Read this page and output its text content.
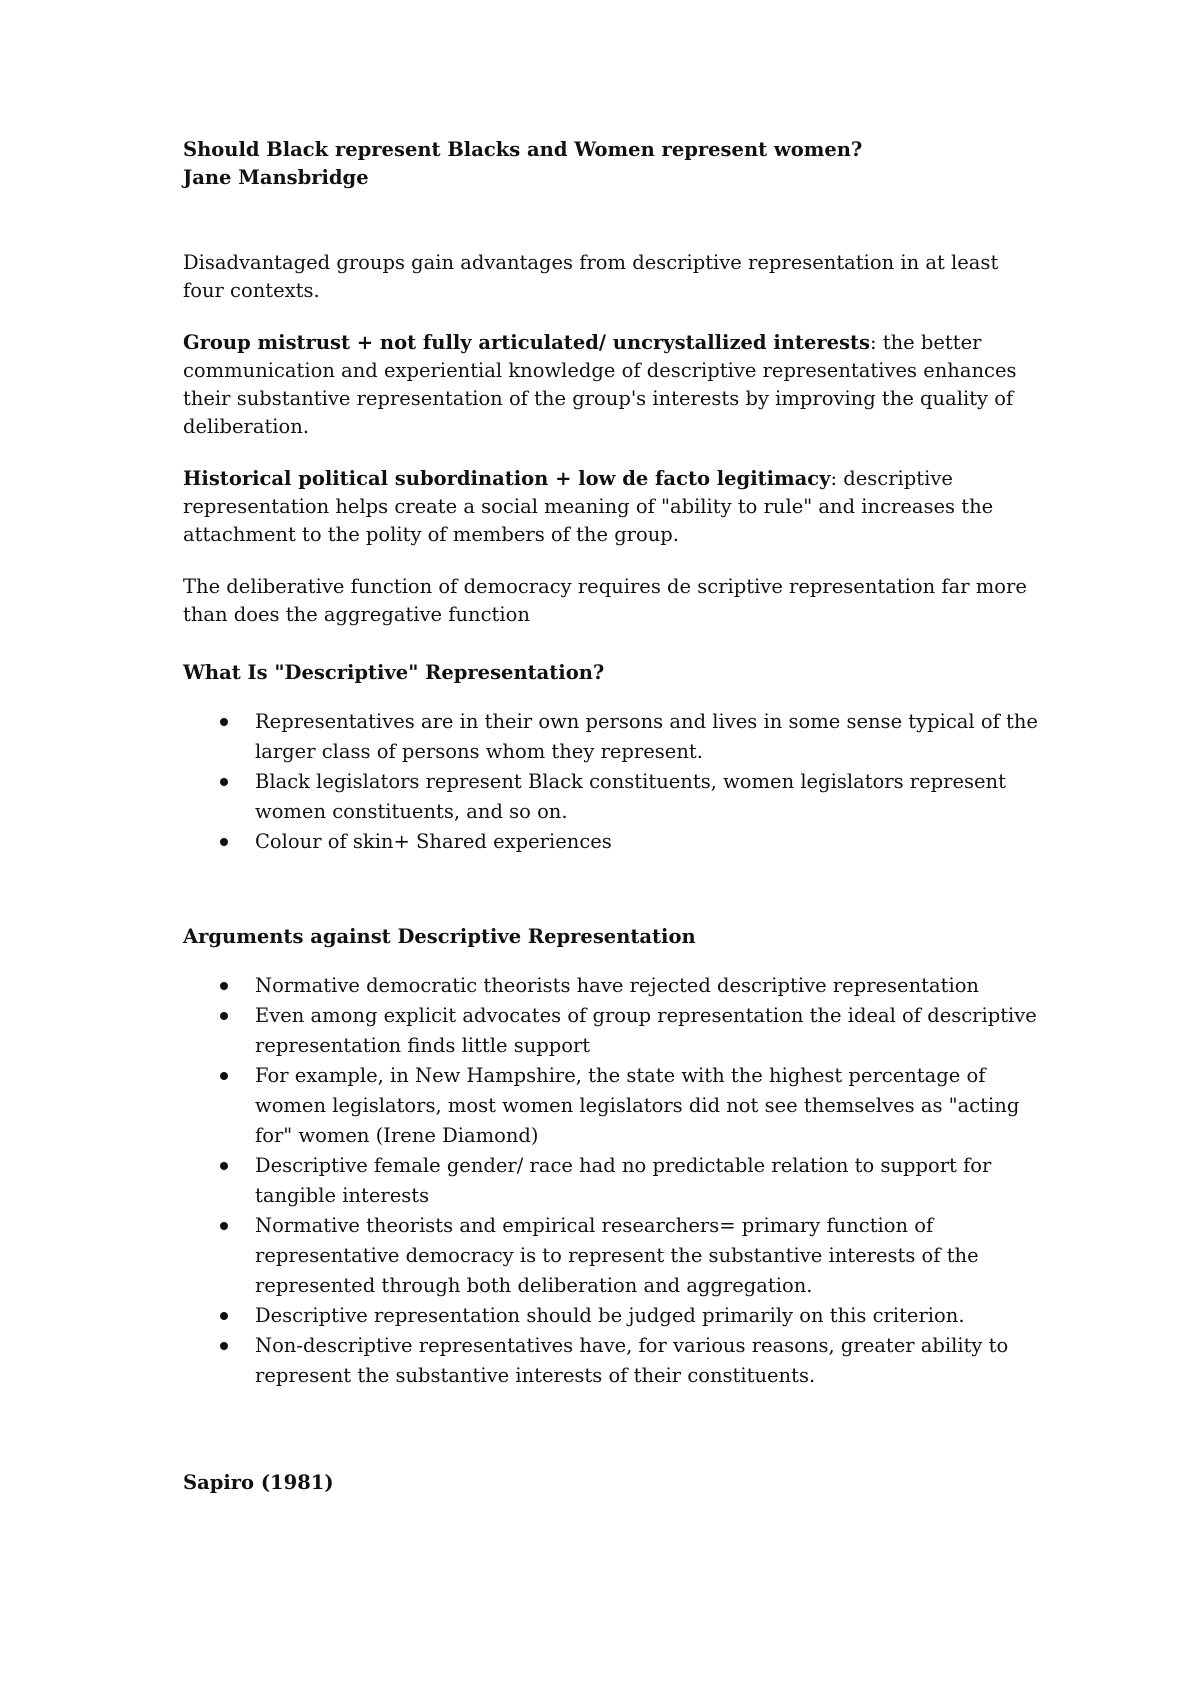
Should Black represent Blacks and Women represent women?
Jane Mansbridge

Disadvantaged groups gain advantages from descriptive representation in at least four contexts.

Group mistrust + not fully articulated/ uncrystallized interests: the better communication and experiential knowledge of descriptive representatives enhances their substantive representation of the group's interests by improving the quality of deliberation.

Historical political subordination + low de facto legitimacy: descriptive representation helps create a social meaning of "ability to rule" and increases the attachment to the polity of members of the group.

The deliberative function of democracy requires de scriptive representation far more than does the aggregative function

What Is "Descriptive" Representation?
Representatives are in their own persons and lives in some sense typical of the larger class of persons whom they represent.
Black legislators represent Black constituents, women legislators represent women constituents, and so on.
Colour of skin+ Shared experiences
Arguments against Descriptive Representation
Normative democratic theorists have rejected descriptive representation
Even among explicit advocates of group representation the ideal of descriptive representation finds little support
For example, in New Hampshire, the state with the highest percentage of women legislators, most women legislators did not see themselves as "acting for" women (Irene Diamond)
Descriptive female gender/ race had no predictable relation to support for tangible interests
Normative theorists and empirical researchers= primary function of representative democracy is to represent the substantive interests of the represented through both deliberation and aggregation.
Descriptive representation should be judged primarily on this criterion.
Non-descriptive representatives have, for various reasons, greater ability to represent the substantive interests of their constituents.
Sapiro (1981)
